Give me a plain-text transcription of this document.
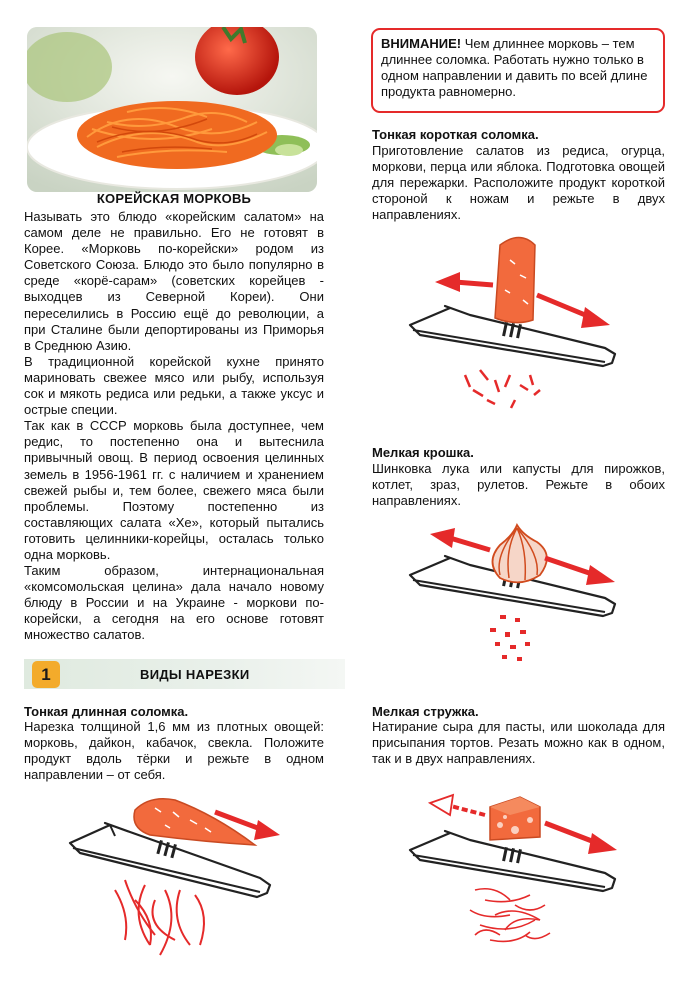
КОРЕЙСКАЯ МОРКОВЬ

Называть это блюдо «корейским салатом» на самом деле не правильно. Его не готовят в Корее. «Морковь по-корейски» родом из Советского Союза. Блюдо это было популярно в среде «корё-сарам» (советских корейцев - выходцев из Северной Кореи). Они переселились в Россию ещё до революции, а при Сталине были депортированы из Приморья в Среднюю Азию.

В традиционной корейской кухне принято мариновать свежее мясо или рыбу, используя сок и мякоть редиса или редьки, а также уксус и острые специи.

Так как в СССР морковь была доступнее, чем редис, то постепенно она и вытеснила привычный овощ. В период освоения целинных земель в 1956-1961 гг. с наличием и хранением свежей рыбы и, тем более, свежего мяса были проблемы. Поэтому постепенно из составляющих салата «Хе», который пытались готовить целинники-корейцы, осталась только одна морковь.

Таким образом, интернациональная «комсомольская целина» дала начало новому блюду в России и на Украине - моркови по-корейски, а сегодня на его основе готовят множество салатов.

1	ВИДЫ НАРЕЗКИ
Тонкая длинная соломка.
Нарезка толщиной 1,6 мм из плотных овощей: морковь, дайкон, кабачок, свекла. Положите продукт вдоль тёрки и режьте в одном направлении – от себя.
ВНИМАНИЕ! Чем длиннее морковь – тем длиннее соломка. Работать нужно только в одном направлении и давить по всей длине продукта равномерно.
Тонкая короткая соломка.
Приготовление салатов из редиса, огурца, моркови, перца или яблока. Подготовка овощей для пережарки. Расположите продукт короткой стороной к ножам и режьте в двух направлениях.
Мелкая крошка.
Шинковка лука или капусты для пирожков, котлет, зраз, рулетов. Режьте в обоих направлениях.
Мелкая стружка.
Натирание сыра для пасты, или шоколада для присыпания тортов. Резать можно как в одном, так и в двух направлениях.
